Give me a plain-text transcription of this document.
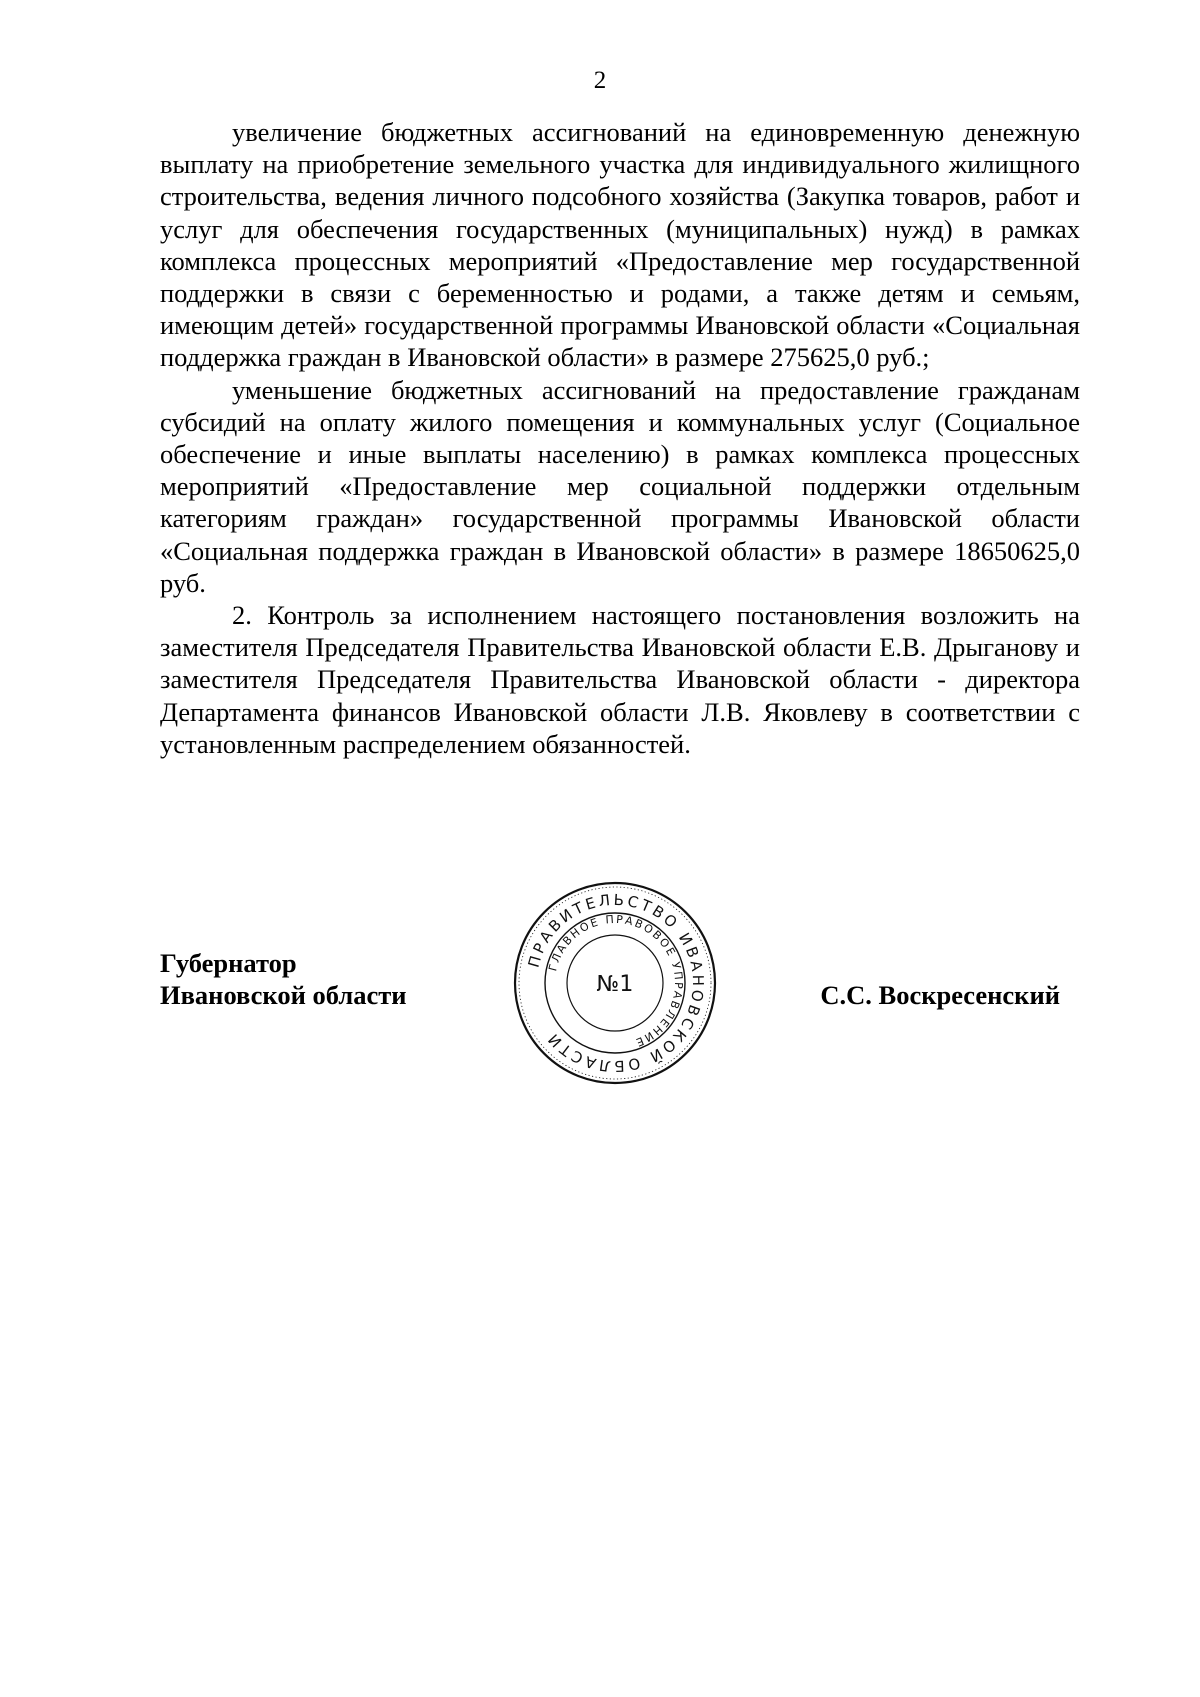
2

увеличение бюджетных ассигнований на единовременную денежную выплату на приобретение земельного участка для индивидуального жилищного строительства, ведения личного подсобного хозяйства (Закупка товаров, работ и услуг для обеспечения государственных (муниципальных) нужд) в рамках комплекса процессных мероприятий «Предоставление мер государственной поддержки в связи с беременностью и родами, а также детям и семьям, имеющим детей» государственной программы Ивановской области «Социальная поддержка граждан в Ивановской области» в размере 275625,0 руб.;

уменьшение бюджетных ассигнований на предоставление гражданам субсидий на оплату жилого помещения и коммунальных услуг (Социальное обеспечение и иные выплаты населению) в рамках комплекса процессных мероприятий «Предоставление мер социальной поддержки отдельным категориям граждан» государственной программы Ивановской области «Социальная поддержка граждан в Ивановской области» в размере 18650625,0 руб.

2. Контроль за исполнением настоящего постановления возложить на заместителя Председателя Правительства Ивановской области Е.В. Дрыганову и заместителя Председателя Правительства Ивановской области - директора Департамента финансов Ивановской области Л.В. Яковлеву в соответствии с установленным распределением обязанностей.

Губернатор
Ивановской области	С.С. Воскресенский
ПРАВИТЕЛЬСТВО ИВАНОВСКОЙ ОБЛАСТИ
ГЛАВНОЕ ПРАВОВОЕ УПРАВЛЕНИЕ
№1
